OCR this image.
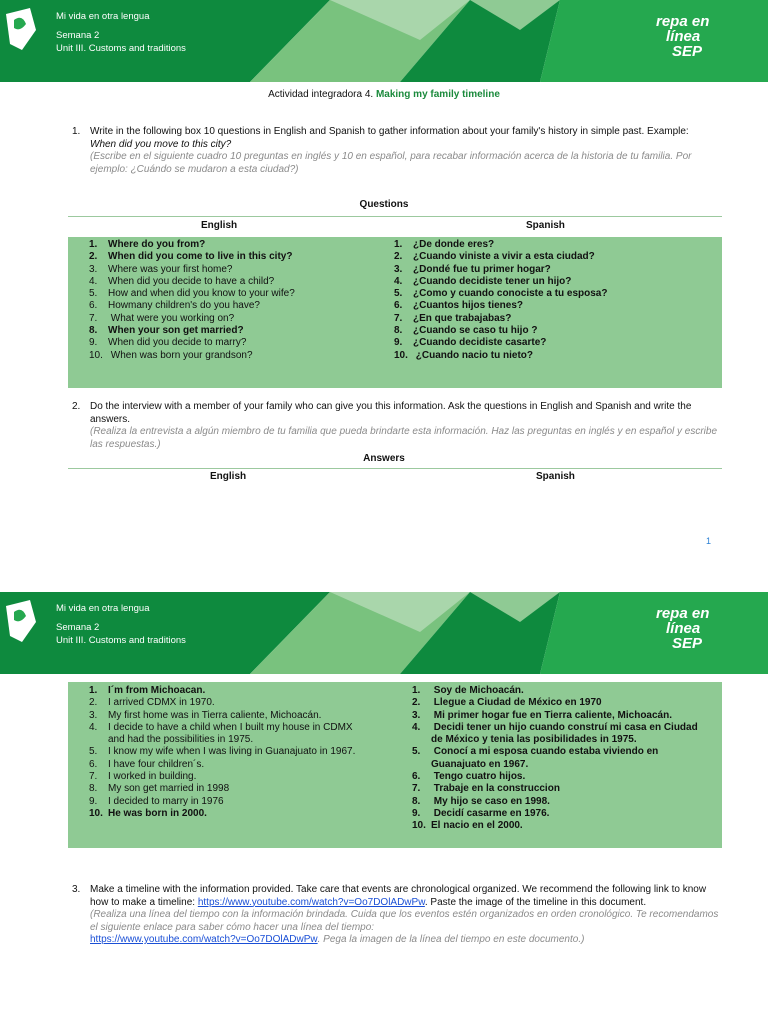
Mi vida en otra lengua
Semana 2
Unit III. Customs and traditions
repa en
línea
SEP
Actividad integradora 4. Making my family timeline
1. Write in the following box 10 questions in English and Spanish to gather information about your family's history in simple past. Example:
When did you move to this city?
(Escribe en el siguiente cuadro 10 preguntas en inglés y 10 en español, para recabar información acerca de la historia de tu familia. Por ejemplo: ¿Cuándo se mudaron a esta ciudad?)
Questions
English	Spanish
1. Where do you from?
2. When did you come to live in this city?
3. Where was your first home?
4. When did you decide to have a child?
5. How and when did you know to your wife?
6. Howmany children's do you have?
7. What were you working on?
8. When your son get married?
9. When did you decide to marry?
10. When was born your grandson?
1. ¿De donde eres?
2. ¿Cuando viniste a vivir a esta ciudad?
3. ¿Dondé fue tu primer hogar?
4. ¿Cuando decidiste tener un hijo?
5. ¿Como y cuando conociste a tu esposa?
6. ¿Cuantos hijos tienes?
7. ¿En que trabajabas?
8. ¿Cuando se caso tu hijo ?
9. ¿Cuando decidiste casarte?
10. ¿Cuando nacio tu nieto?
2. Do the interview with a member of your family who can give you this information. Ask the questions in English and Spanish and write the answers.
(Realiza la entrevista a algún miembro de tu familia que pueda brindarte esta información. Haz las preguntas en inglés y en español y escribe las respuestas.)
Answers
English	Spanish
1
Mi vida en otra lengua
Semana 2
Unit III. Customs and traditions
repa en
línea
SEP
1. I´m from Michoacan.
2. I arrived CDMX in 1970.
3. My first home was in Tierra caliente, Michoacán.
4. I decide to have a child when I built my house in CDMX
and had the possibilities in 1975.
5. I know my wife when I was living in Guanajuato in 1967.
6. I have four children´s.
7. I worked in building.
8. My son get married in 1998
9. I decided to marry in 1976
10. He was born in 2000.
1. Soy de Michoacán.
2. Llegue a Ciudad de México en 1970
3. Mi primer hogar fue en Tierra caliente, Michoacán.
4. Decidi tener un hijo cuando construí mi casa en Ciudad
de México y tenia las posibilidades in 1975.
5. Conocí a mi esposa cuando estaba viviendo en
Guanajuato en 1967.
6. Tengo cuatro hijos.
7. Trabaje en la construccion
8. My hijo se caso en 1998.
9. Decidí casarme en 1976.
10. El nacio en el 2000.
3. Make a timeline with the information provided. Take care that events are chronological organized. We recommend the following link to know how to make a timeline: https://www.youtube.com/watch?v=Oo7DOlADwPw. Paste the image of the timeline in this document.
(Realiza una línea del tiempo con la información brindada. Cuida que los eventos estén organizados en orden cronológico. Te recomendamos el siguiente enlace para saber cómo hacer una línea del tiempo:
https://www.youtube.com/watch?v=Oo7DOlADwPw. Pega la imagen de la línea del tiempo en este documento.)
